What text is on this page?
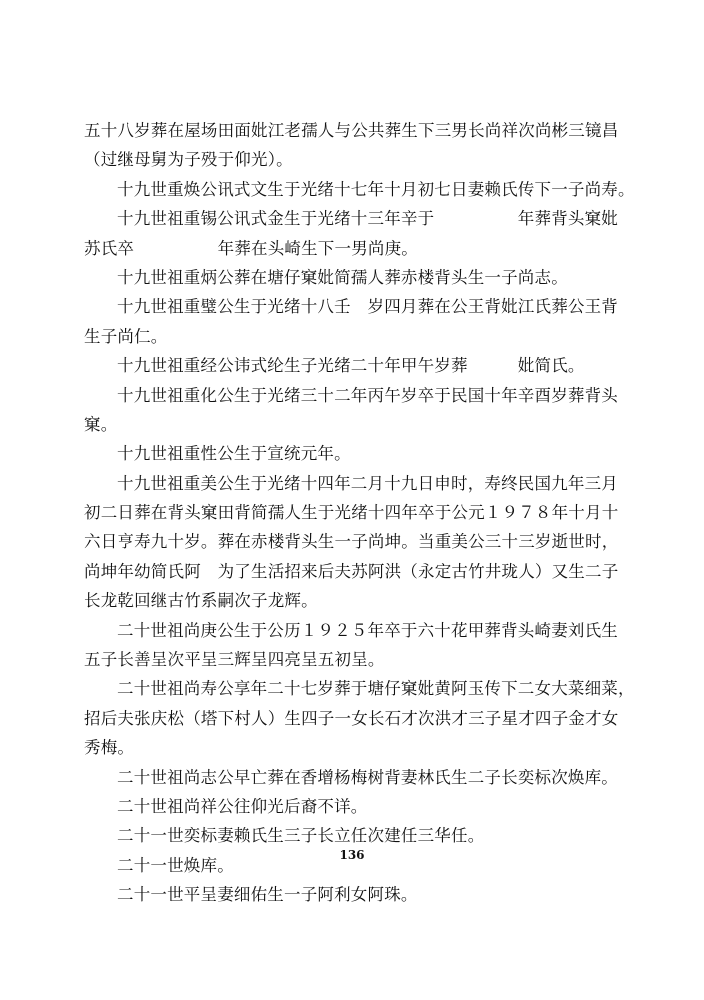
五十八岁葬在屋场田面妣江老孺人与公共葬生下三男长尚祥次尚彬三镜昌
（过继母舅为子殁于仰光）。
十九世重焕公讯式文生于光绪十七年十月初七日妻赖氏传下一子尚寿。
十九世祖重锡公讯式金生于光绪十三年辛于　　　　　年葬背头窠妣
苏氏卒　　　　　年葬在头崎生下一男尚庚。
十九世祖重炳公葬在塘仔窠妣简孺人葬赤楼背头生一子尚志。
十九世祖重璧公生于光绪十八壬　岁四月葬在公王背妣江氏葬公王背
生子尚仁。
十九世祖重经公讳式纶生子光绪二十年甲午岁葬　　　妣简氏。
十九世祖重化公生于光绪三十二年丙午岁卒于民国十年辛酉岁葬背头
窠。
十九世祖重性公生于宣统元年。
十九世祖重美公生于光绪十四年二月十九日申时，寿终民国九年三月
初二日葬在背头窠田背简孺人生于光绪十四年卒于公元１９７８年十月十
六日亨寿九十岁。葬在赤楼背头生一子尚坤。当重美公三十三岁逝世时，
尚坤年幼简氏阿　为了生活招来后夫苏阿洪（永定古竹井珑人）又生二子
长龙乾回继古竹系嗣次子龙辉。
二十世祖尚庚公生于公历１９２５年卒于六十花甲葬背头崎妻刘氏生
五子长善呈次平呈三辉呈四亮呈五初呈。
二十世祖尚寿公享年二十七岁葬于塘仔窠妣黄阿玉传下二女大菜细菜，
招后夫张庆松（塔下村人）生四子一女长石才次洪才三子星才四子金才女
秀梅。
二十世祖尚志公早亡葬在香增杨梅树背妻林氏生二子长奕标次焕库。
二十世祖尚祥公往仰光后裔不详。
二十一世奕标妻赖氏生三子长立任次建任三华任。
二十一世焕库。
二十一世平呈妻细佑生一子阿利女阿珠。
136
